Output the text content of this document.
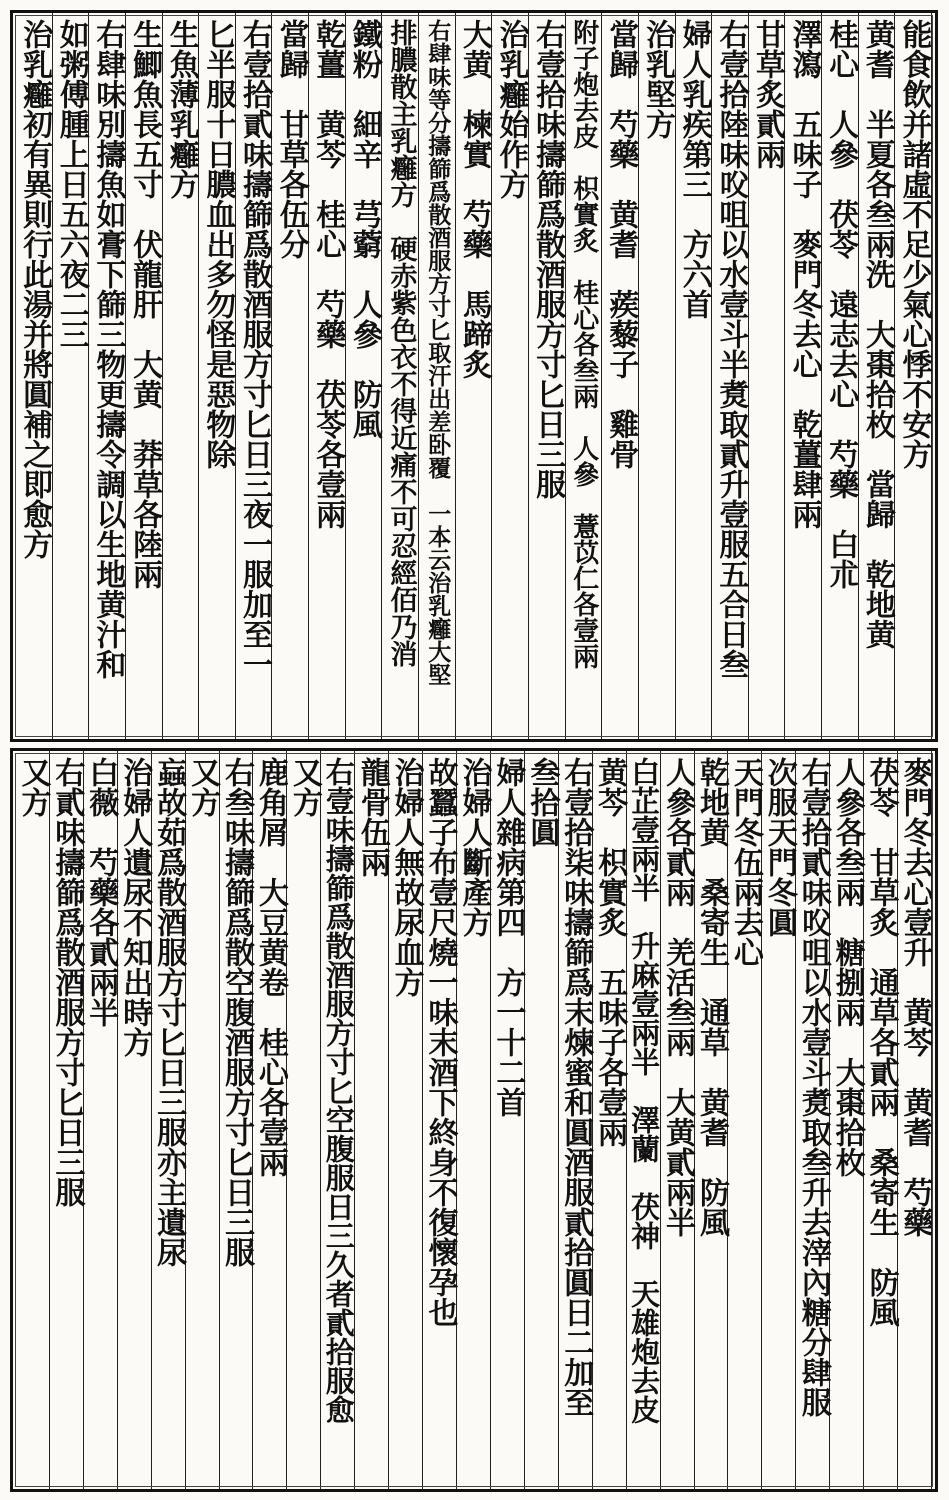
能食飲并諸虛不足少氣心悸不安方
黄耆　半夏各叁兩洗　大棗拾枚　當歸　乾地黄
桂心　人參　茯苓　遠志去心　芍藥　白朮
澤瀉　五味子　麥門冬去心　乾薑肆兩
甘草炙貳兩
右壹拾陸味㕮咀以水壹斗半煑取貳升壹服五合日叁
婦人乳疾第三　方六首
治乳堅方
當歸　芍藥　黄耆　蒺藜子　雞骨
附子炮去皮　枳實炙　桂心各叁兩　人參　薏苡仁各壹兩
右壹拾味擣篩爲散酒服方寸匕日三服
治乳癰始作方
大黄　楝實　芍藥　馬蹄炙
右肆味等分擣篩爲散酒服方寸匕取汗出差卧覆　一本云治乳癰大堅
排膿散主乳癰方　硬赤紫色衣不得近痛不可忍經佰乃消
鐵粉　細辛　芎藭　人參　防風
乾薑　黄芩　桂心　芍藥　茯苓各壹兩
當歸　甘草各伍分
右壹拾貳味擣篩爲散酒服方寸匕日三夜一服加至一
匕半服十日膿血出多勿怪是惡物除
生魚薄乳癰方
生鯽魚長五寸　伏龍肝　大黄　莽草各陸兩
右肆味別擣魚如膏下篩三物更擣令調以生地黄汁和
如粥傅腫上日五六夜二三
治乳癰初有異則行此湯并將圓補之即愈方
麥門冬去心壹升　黄芩　黄耆　芍藥
茯苓　甘草炙　通草各貳兩　桑寄生　防風
人參各叁兩　糖捌兩　大棗拾枚
右壹拾貳味㕮咀以水壹斗煑取叁升去滓內糖分肆服
次服天門冬圓
天門冬伍兩去心
乾地黄　桑寄生　通草　黄耆　防風
人參各貳兩　羌活叁兩　大黄貳兩半
白芷壹兩半　升麻壹兩半　澤蘭　茯神　天雄炮去皮
黄芩　枳實炙　五味子各壹兩
右壹拾柒味擣篩爲末煉蜜和圓酒服貳拾圓日二加至
叁拾圓
婦人雜病第四　方一十二首
治婦人斷產方
故蠶子布壹尺燒一味末酒下終身不復懷孕也
治婦人無故尿血方
龍骨伍兩
右壹味擣篩爲散酒服方寸匕空腹服日三久者貳拾服愈
又方
鹿角屑　大豆黄卷　桂心各壹兩
右叁味擣篩爲散空腹酒服方寸匕日三服
又方
蝱故茹爲散酒服方寸匕日三服亦主遺尿
治婦人遺尿不知出時方
白薇　芍藥各貳兩半
右貳味擣篩爲散酒服方寸匕日三服
又方
